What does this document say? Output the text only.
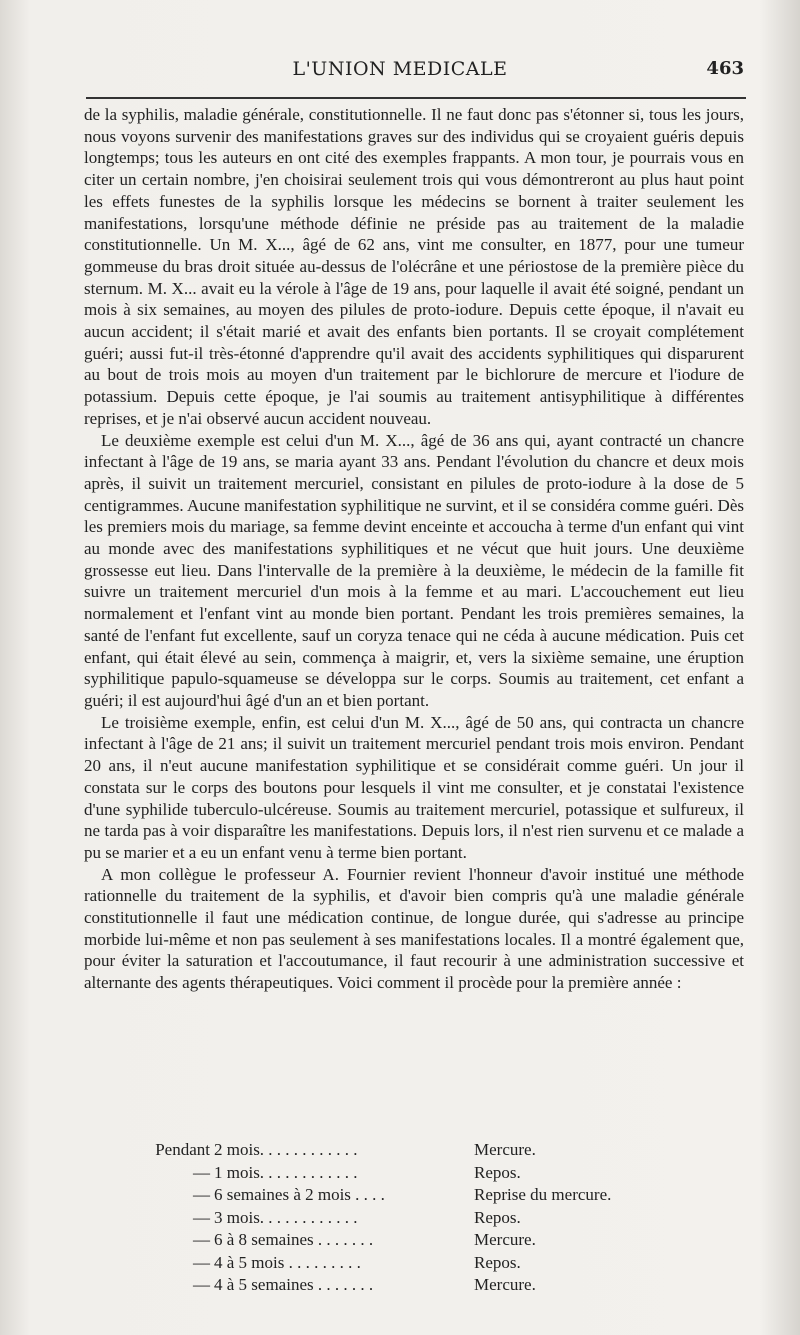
L'UNION MEDICALE	463

de la syphilis, maladie générale, constitutionnelle. Il ne faut donc pas s'étonner si, tous les jours, nous voyons survenir des manifestations graves sur des individus qui se croyaient guéris depuis longtemps; tous les auteurs en ont cité des exemples frappants. A mon tour, je pourrais vous en citer un certain nombre, j'en choisirai seulement trois qui vous démontreront au plus haut point les effets funestes de la syphilis lorsque les médecins se bornent à traiter seulement les manifestations, lorsqu'une méthode définie ne préside pas au traitement de la maladie constitutionnelle. Un M. X..., âgé de 62 ans, vint me consulter, en 1877, pour une tumeur gommeuse du bras droit située au-dessus de l'olécrâne et une périostose de la première pièce du sternum. M. X... avait eu la vérole à l'âge de 19 ans, pour laquelle il avait été soigné, pendant un mois à six semaines, au moyen des pilules de proto-iodure. Depuis cette époque, il n'avait eu aucun accident; il s'était marié et avait des enfants bien portants. Il se croyait complétement guéri; aussi fut-il très-étonné d'apprendre qu'il avait des accidents syphilitiques qui disparurent au bout de trois mois au moyen d'un traitement par le bichlorure de mercure et l'iodure de potassium. Depuis cette époque, je l'ai soumis au traitement antisyphilitique à différentes reprises, et je n'ai observé aucun accident nouveau.

Le deuxième exemple est celui d'un M. X..., âgé de 36 ans qui, ayant contracté un chancre infectant à l'âge de 19 ans, se maria ayant 33 ans. Pendant l'évolution du chancre et deux mois après, il suivit un traitement mercuriel, consistant en pilules de proto-iodure à la dose de 5 centigrammes. Aucune manifestation syphilitique ne survint, et il se considéra comme guéri. Dès les premiers mois du mariage, sa femme devint enceinte et accoucha à terme d'un enfant qui vint au monde avec des manifestations syphilitiques et ne vécut que huit jours. Une deuxième grossesse eut lieu. Dans l'intervalle de la première à la deuxième, le médecin de la famille fit suivre un traitement mercuriel d'un mois à la femme et au mari. L'accouchement eut lieu normalement et l'enfant vint au monde bien portant. Pendant les trois premières semaines, la santé de l'enfant fut excellente, sauf un coryza tenace qui ne céda à aucune médication. Puis cet enfant, qui était élevé au sein, commença à maigrir, et, vers la sixième semaine, une éruption syphilitique papulo-squameuse se développa sur le corps. Soumis au traitement, cet enfant a guéri; il est aujourd'hui âgé d'un an et bien portant.

Le troisième exemple, enfin, est celui d'un M. X..., âgé de 50 ans, qui contracta un chancre infectant à l'âge de 21 ans; il suivit un traitement mercuriel pendant trois mois environ. Pendant 20 ans, il n'eut aucune manifestation syphilitique et se considérait comme guéri. Un jour il constata sur le corps des boutons pour lesquels il vint me consulter, et je constatai l'existence d'une syphilide tuberculo-ulcéreuse. Soumis au traitement mercuriel, potassique et sulfureux, il ne tarda pas à voir disparaître les manifestations. Depuis lors, il n'est rien survenu et ce malade a pu se marier et a eu un enfant venu à terme bien portant.

A mon collègue le professeur A. Fournier revient l'honneur d'avoir institué une méthode rationnelle du traitement de la syphilis, et d'avoir bien compris qu'à une maladie générale constitutionnelle il faut une médication continue, de longue durée, qui s'adresse au principe morbide lui-même et non pas seulement à ses manifestations locales. Il a montré également que, pour éviter la saturation et l'accoutumance, il faut recourir à une administration successive et alternante des agents thérapeutiques. Voici comment il procède pour la première année :

Pendant 2 mois. . . . . . . . . . . .	Mercure.
— 1 mois. . . . . . . . . . . .	Repos.
— 6 semaines à 2 mois . . . .	Reprise du mercure.
— 3 mois. . . . . . . . . . . .	Repos.
— 6 à 8 semaines . . . . . . .	Mercure.
— 4 à 5 mois . . . . . . . . .	Repos.
— 4 à 5 semaines . . . . . . .	Mercure.
